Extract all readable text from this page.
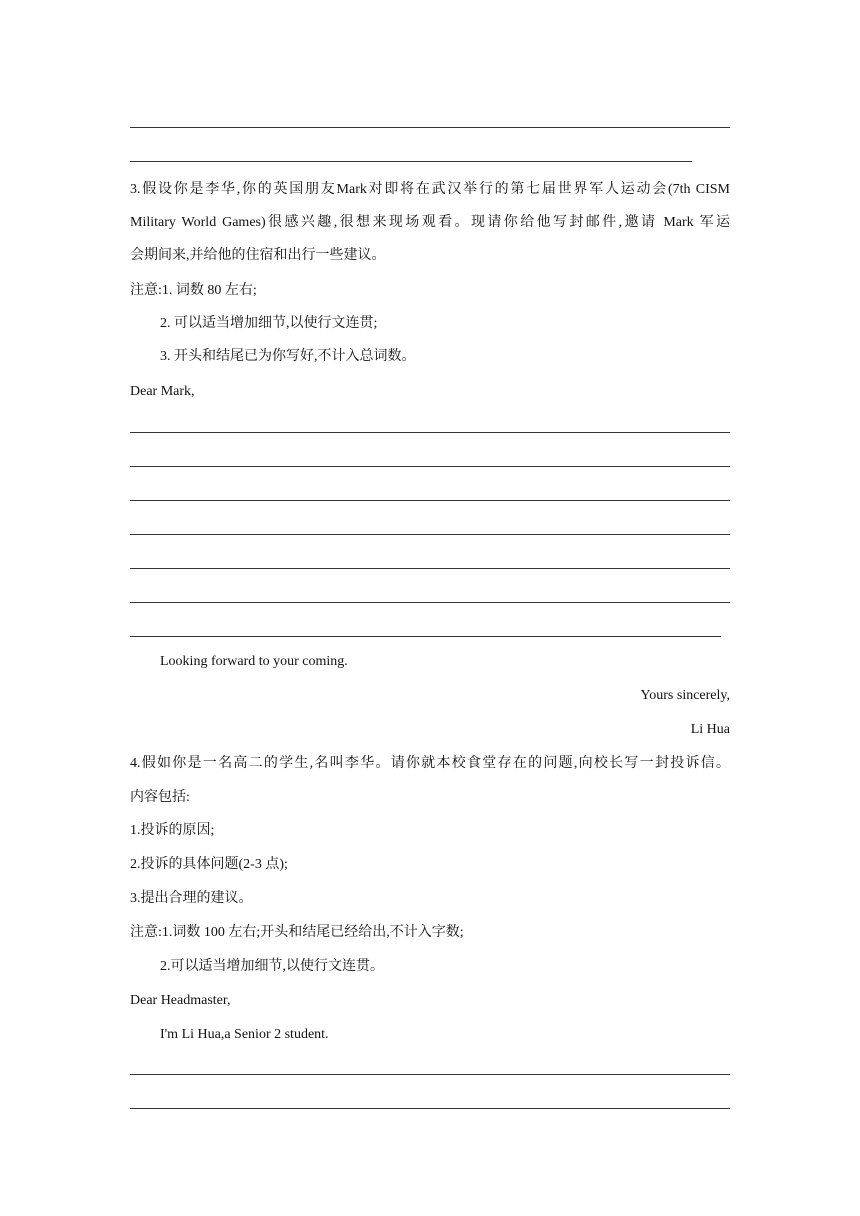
3.假设你是李华,你的英国朋友Mark对即将在武汉举行的第七届世界军人运动会(7th CISM
Military World Games)很感兴趣,很想来现场观看。现请你给他写封邮件,邀请 Mark 军运
会期间来,并给他的住宿和出行一些建议。
注意:1. 词数 80 左右;
2. 可以适当增加细节,以使行文连贯;
3. 开头和结尾已为你写好,不计入总词数。
Dear Mark,
Looking forward to your coming.
Yours sincerely,
Li Hua
4.假如你是一名高二的学生,名叫李华。请你就本校食堂存在的问题,向校长写一封投诉信。
内容包括:
1.投诉的原因;
2.投诉的具体问题(2-3 点);
3.提出合理的建议。
注意:1.词数 100 左右;开头和结尾已经给出,不计入字数;
2.可以适当增加细节,以使行文连贯。
Dear Headmaster,
I'm Li Hua,a Senior 2 student.
